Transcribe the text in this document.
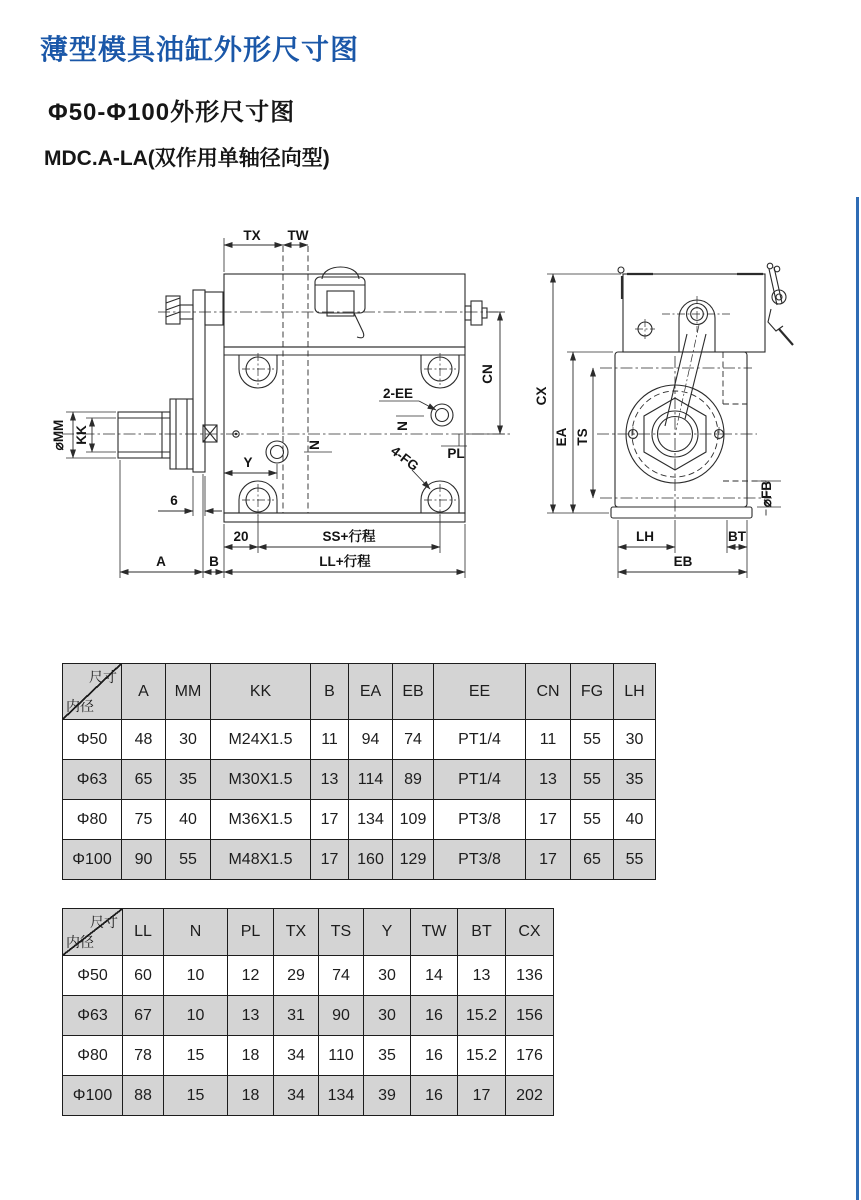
薄型模具油缸外形尺寸图
Φ50-Φ100外形尺寸图
MDC.A-LA(双作用单轴径向型)
TX TW
CN
A	B	LL+行程
20	SS+行程
Y
6
⌀MM KK
N
N
PL
2-EE
4-FG
CX
EA TS
LH	BT
EB
⌀FB
尺寸
内径	A	MM	KK	B	EA	EB	EE	CN	FG	LH
Φ50	48	30	M24X1.5	11	94	74	PT1/4	11	55	30
Φ63	65	35	M30X1.5	13	114	89	PT1/4	13	55	35
Φ80	75	40	M36X1.5	17	134	109	PT3/8	17	55	40
Φ100	90	55	M48X1.5	17	160	129	PT3/8	17	65	55
尺寸
内径	LL	N	PL	TX	TS	Y	TW	BT	CX
Φ50	60	10	12	29	74	30	14	13	136
Φ63	67	10	13	31	90	30	16	15.2	156
Φ80	78	15	18	34	110	35	16	15.2	176
Φ100	88	15	18	34	134	39	16	17	202
